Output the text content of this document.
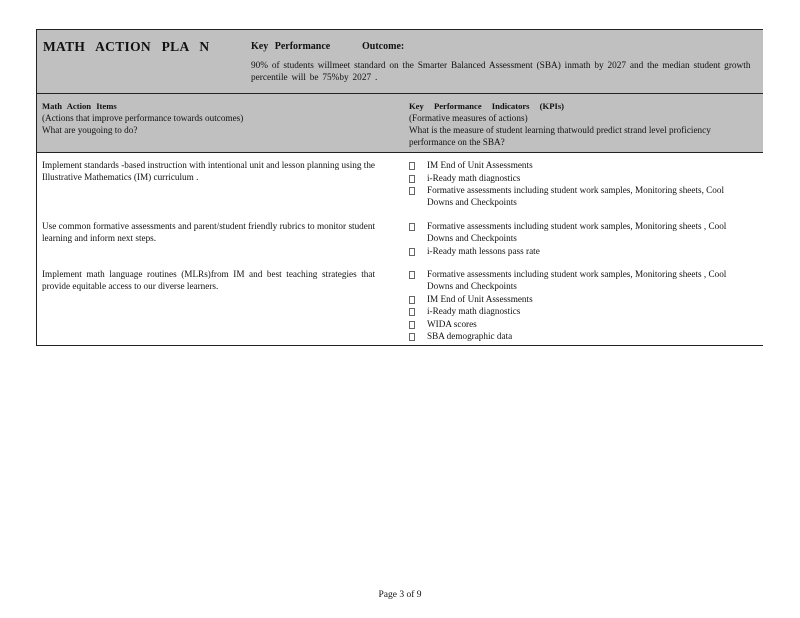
MATH ACTION PLA N	Key Performance	Outcome:
90% of students willmeet standard on the Smarter Balanced Assessment (SBA) inmath by 2027 and the median student growth percentile will be 75%by 2027 .
Math Action Items
(Actions that improve performance towards outcomes)
What are yougoing to do?
Key Performance Indicators (KPIs)
(Formative measures of actions)
What is the measure of student learning thatwould predict strand level proficiency performance on the SBA?
Implement standards -based instruction with intentional unit and lesson planning using the Illustrative Mathematics (IM) curriculum .
IM End of Unit Assessments
i-Ready math diagnostics
Formative assessments including student work samples, Monitoring sheets, Cool Downs and Checkpoints
Use common formative assessments and parent/student friendly rubrics to monitor student learning and inform next steps.
Formative assessments including student work samples, Monitoring sheets , Cool Downs and Checkpoints
i-Ready math lessons pass rate
Implement math language routines (MLRs)from IM and best teaching strategies that provide equitable access to our diverse learners.
Formative assessments including student work samples, Monitoring sheets , Cool Downs and Checkpoints
IM End of Unit Assessments
i-Ready math diagnostics
WIDA scores
SBA demographic data
Page 3 of 9
